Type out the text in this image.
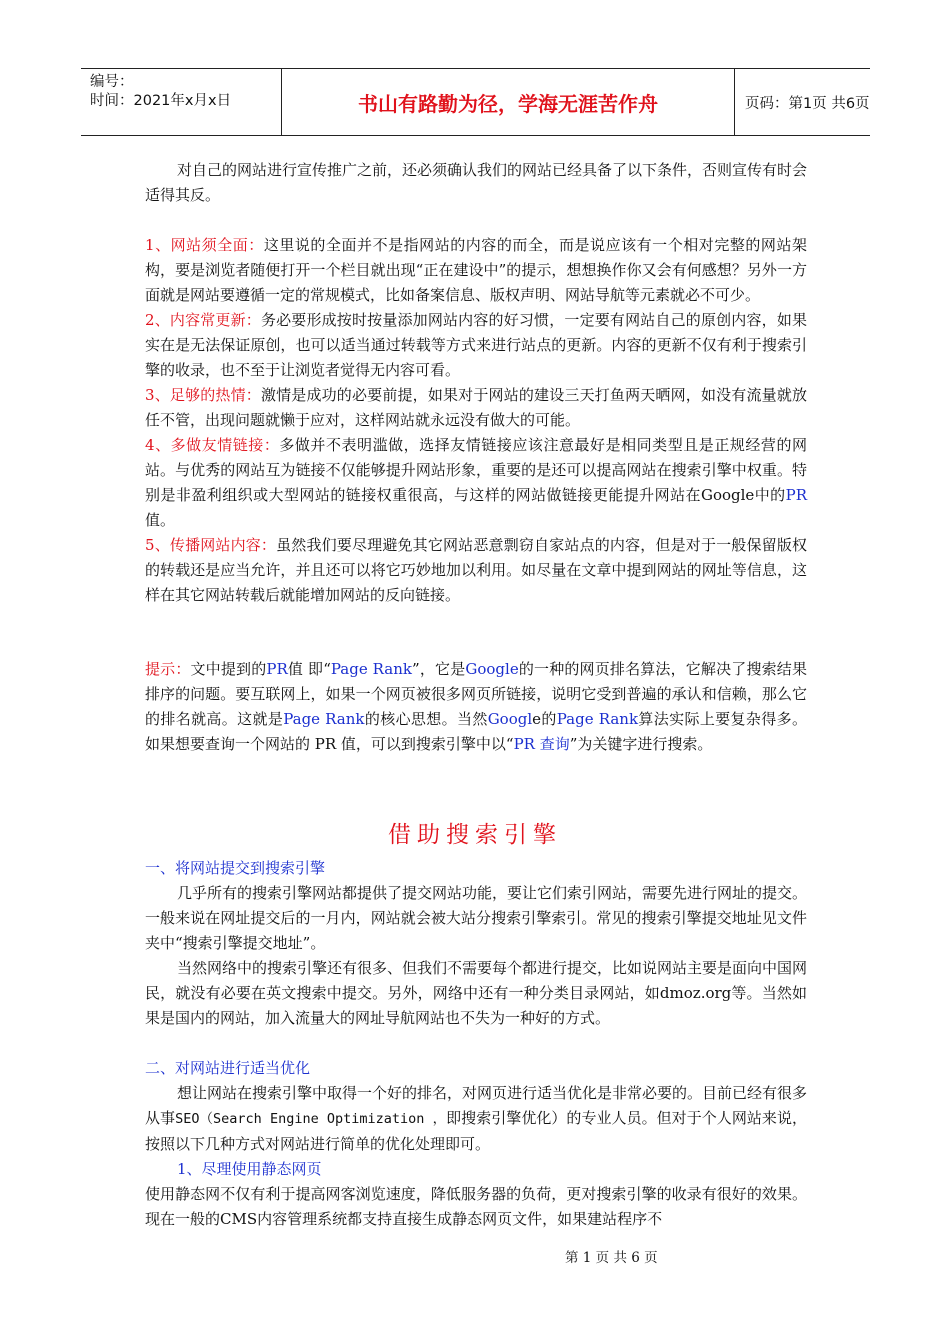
编号：
时间：2021年x月x日	书山有路勤为径，学海无涯苦作舟	页码：第1页 共6页

对自己的网站进行宣传推广之前，还必须确认我们的网站已经具备了以下条件，否则宣传有时会适得其反。

1、网站须全面：这里说的全面并不是指网站的内容的而全，而是说应该有一个相对完整的网站架构，要是浏览者随便打开一个栏目就出现“正在建设中”的提示，想想换作你又会有何感想？另外一方面就是网站要遵循一定的常规模式，比如备案信息、版权声明、网站导航等元素就必不可少。

2、内容常更新：务必要形成按时按量添加网站内容的好习惯，一定要有网站自己的原创内容，如果实在是无法保证原创，也可以适当通过转载等方式来进行站点的更新。内容的更新不仅有利于搜索引擎的收录，也不至于让浏览者觉得无内容可看。

3、足够的热情：激情是成功的必要前提，如果对于网站的建设三天打鱼两天晒网，如没有流量就放任不管，出现问题就懒于应对，这样网站就永远没有做大的可能。

4、多做友情链接：多做并不表明滥做，选择友情链接应该注意最好是相同类型且是正规经营的网站。与优秀的网站互为链接不仅能够提升网站形象，重要的是还可以提高网站在搜索引擎中权重。特别是非盈利组织或大型网站的链接权重很高，与这样的网站做链接更能提升网站在Google中的PR值。

5、传播网站内容：虽然我们要尽理避免其它网站恶意剽窃自家站点的内容，但是对于一般保留版权的转载还是应当允许，并且还可以将它巧妙地加以利用。如尽量在文章中提到网站的网址等信息，这样在其它网站转载后就能增加网站的反向链接。

提示：文中提到的PR值 即“Page Rank”，它是Google的一种的网页排名算法，它解决了搜索结果排序的问题。要互联网上，如果一个网页被很多网页所链接，说明它受到普遍的承认和信赖，那么它的排名就高。这就是Page Rank的核心思想。当然Google的Page Rank算法实际上要复杂得多。如果想要查询一个网站的 PR 值，可以到搜索引擎中以“PR 查询”为关键字进行搜索。

借助搜索引擎

一、将网站提交到搜索引擎

几乎所有的搜索引擎网站都提供了提交网站功能，要让它们索引网站，需要先进行网址的提交。一般来说在网址提交后的一月内，网站就会被大站分搜索引擎索引。常见的搜索引擎提交地址见文件夹中“搜索引擎提交地址”。

当然网络中的搜索引擎还有很多、但我们不需要每个都进行提交，比如说网站主要是面向中国网民，就没有必要在英文搜索中提交。另外，网络中还有一种分类目录网站，如dmoz.org等。当然如果是国内的网站，加入流量大的网址导航网站也不失为一种好的方式。

二、对网站进行适当优化

想让网站在搜索引擎中取得一个好的排名，对网页进行适当优化是非常必要的。目前已经有很多从事SEO（Search Engine Optimization ，即搜索引擎优化）的专业人员。但对于个人网站来说，按照以下几种方式对网站进行简单的优化处理即可。

1、尽理使用静态网页

使用静态网不仅有利于提高网客浏览速度，降低服务器的负荷，更对搜索引擎的收录有很好的效果。现在一般的CMS内容管理系统都支持直接生成静态网页文件，如果建站程序不

第 1 页 共 6 页
